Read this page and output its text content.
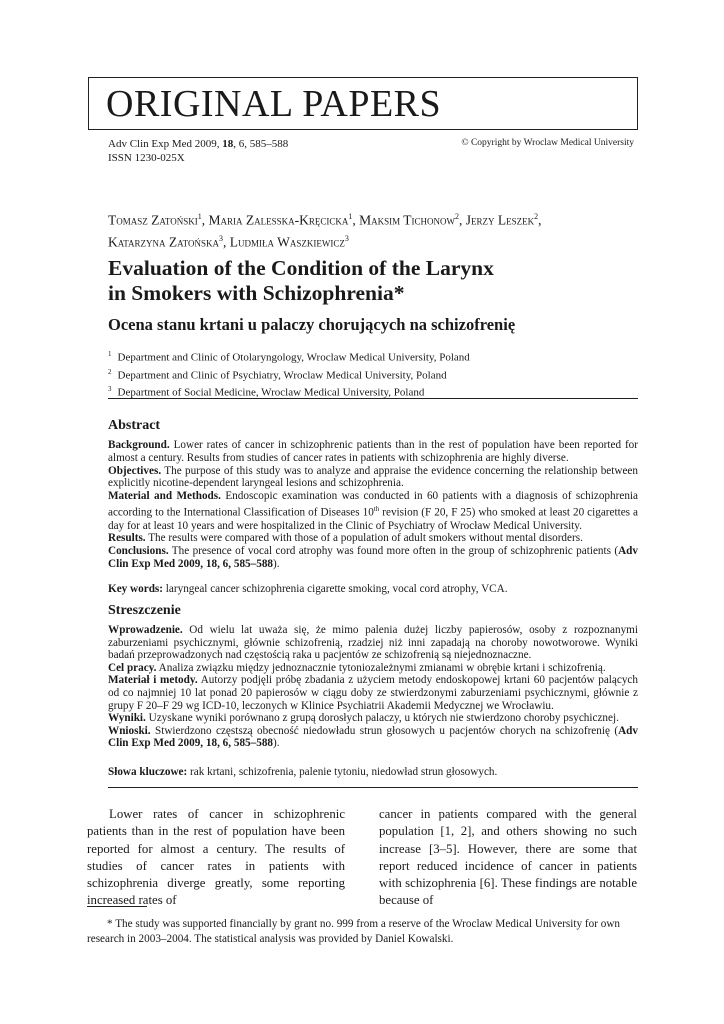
ORIGINAL PAPERS
Adv Clin Exp Med 2009, 18, 6, 585–588
ISSN 1230-025X
© Copyright by Wroclaw Medical University
Tomasz Zatoński$^1$, Maria Zalesska-Kręcicka$^1$, Maksim Tichonow$^2$, Jerzy Leszek$^2$,
Katarzyna Zatońska$^3$, Ludmiła Waszkiewicz$^3$
Evaluation of the Condition of the Larynx
in Smokers with Schizophrenia*
Ocena stanu krtani u palaczy chorujących na schizofrenię
$^1$ Department and Clinic of Otolaryngology, Wroclaw Medical University, Poland
$^2$ Department and Clinic of Psychiatry, Wroclaw Medical University, Poland
$^3$ Department of Social Medicine, Wroclaw Medical University, Poland
Abstract

Background. Lower rates of cancer in schizophrenic patients than in the rest of population have been reported for almost a century. Results from studies of cancer rates in patients with schizophrenia are highly diverse.

Objectives. The purpose of this study was to analyze and appraise the evidence concerning the relationship between explicitly nicotine-dependent laryngeal lesions and schizophrenia.

Material and Methods. Endoscopic examination was conducted in 60 patients with a diagnosis of schizophrenia according to the International Classification of Diseases 10th revision (F 20, F 25) who smoked at least 20 cigarettes a day for at least 10 years and were hospitalized in the Clinic of Psychiatry of Wrocław Medical University.

Results. The results were compared with those of a population of adult smokers without mental disorders.

Conclusions. The presence of vocal cord atrophy was found more often in the group of schizophrenic patients (Adv Clin Exp Med 2009, 18, 6, 585–588).

Key words: laryngeal cancer schizophrenia cigarette smoking, vocal cord atrophy, VCA.
Streszczenie

Wprowadzenie. Od wielu lat uważa się, że mimo palenia dużej liczby papierosów, osoby z rozpoznanymi zaburzeniami psychicznymi, głównie schizofrenią, rzadziej niż inni zapadają na choroby nowotworowe. Wyniki badań przeprowadzonych nad częstością raka u pacjentów ze schizofrenią są niejednoznaczne.

Cel pracy. Analiza związku między jednoznacznie tytoniozależnymi zmianami w obrębie krtani i schizofrenią.

Materiał i metody. Autorzy podjęli próbę zbadania z użyciem metody endoskopowej krtani 60 pacjentów palących od co najmniej 10 lat ponad 20 papierosów w ciągu doby ze stwierdzonymi zaburzeniami psychicznymi, głównie z grupy F 20–F 29 wg ICD-10, leczonych w Klinice Psychiatrii Akademii Medycznej we Wrocławiu.

Wyniki. Uzyskane wyniki porównano z grupą dorosłych palaczy, u których nie stwierdzono choroby psychicznej.

Wnioski. Stwierdzono częstszą obecność niedowładu strun głosowych u pacjentów chorych na schizofrenię (Adv Clin Exp Med 2009, 18, 6, 585–588).

Słowa kluczowe: rak krtani, schizofrenia, palenie tytoniu, niedowład strun głosowych.
Lower rates of cancer in schizophrenic patients than in the rest of population have been reported for almost a century. The results of studies of cancer rates in patients with schizophrenia diverge greatly, some reporting increased rates of
cancer in patients compared with the general population [1, 2], and others showing no such increase [3–5]. However, there are some that report reduced incidence of cancer in patients with schizophrenia [6]. These findings are notable because of
* The study was supported financially by grant no. 999 from a reserve of the Wroclaw Medical University for own research in 2003–2004. The statistical analysis was provided by Daniel Kowalski.
